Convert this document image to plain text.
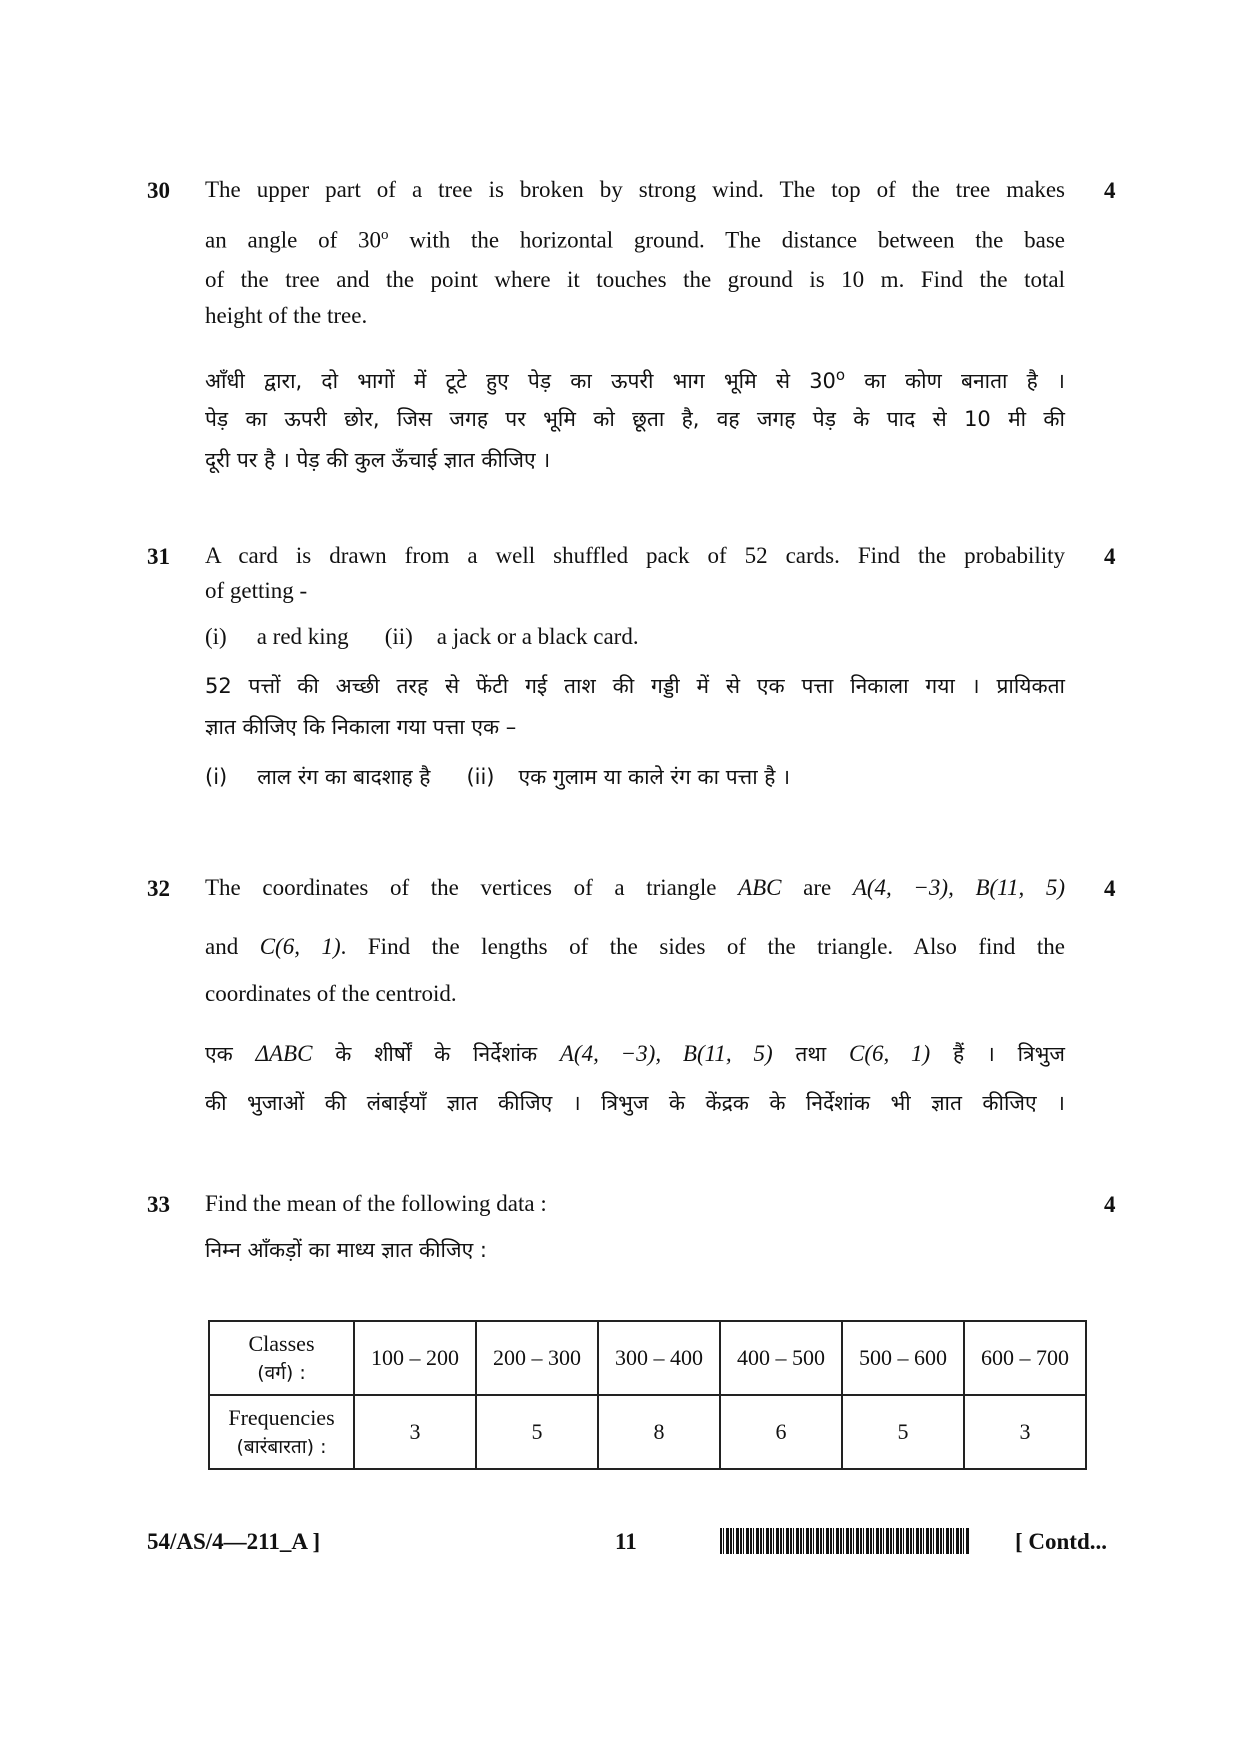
30	4
The upper part of a tree is broken by strong wind. The top of the tree makes
an angle of 30$^o$ with the horizontal ground. The distance between the base
of the tree and the point where it touches the ground is 10 m. Find the total
height of the tree.
आँधी द्वारा, दो भागों में टूटे हुए पेड़ का ऊपरी भाग भूमि से 30$^o$ का कोण बनाता है ।
पेड़ का ऊपरी छोर, जिस जगह पर भूमि को छूता है, वह जगह पेड़ के पाद से 10 मी की
दूरी पर है । पेड़ की कुल ऊँचाई ज्ञात कीजिए ।
31	4
A card is drawn from a well shuffled pack of 52 cards. Find the probability
of getting -
(i) a red king (ii) a jack or a black card.
52 पत्तों की अच्छी तरह से फेंटी गई ताश की गड्डी में से एक पत्ता निकाला गया । प्रायिकता
ज्ञात कीजिए कि निकाला गया पत्ता एक –
(i) लाल रंग का बादशाह है (ii) एक गुलाम या काले रंग का पत्ता है ।
32	4
The coordinates of the vertices of a triangle ABC are A(4, −3), B(11, 5)
and C(6, 1). Find the lengths of the sides of the triangle. Also find the
coordinates of the centroid.
एक ΔABC के शीर्षों के निर्देशांक A(4, −3), B(11, 5) तथा C(6, 1) हैं । त्रिभुज
की भुजाओं की लंबाईयाँ ज्ञात कीजिए । त्रिभुज के केंद्रक के निर्देशांक भी ज्ञात कीजिए ।
33	4
Find the mean of the following data :
निम्न आँकड़ों का माध्य ज्ञात कीजिए :
Classes
(वर्ग) :	100 – 200	200 – 300	300 – 400	400 – 500	500 – 600	600 – 700

Frequencies
(बारंबारता) :	3	5	8	6	5	3
54/AS/4—211_A ]	11	[ Contd...
